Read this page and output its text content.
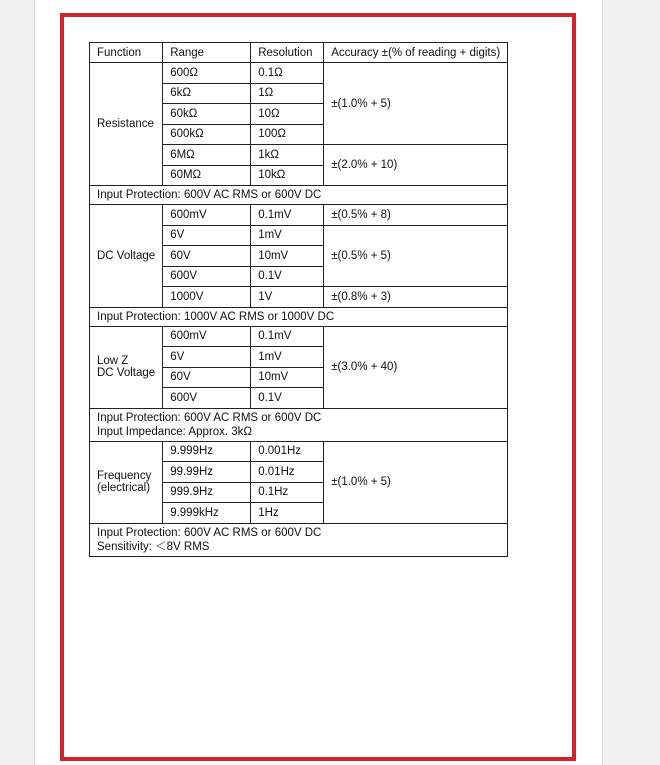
Function	Range	Resolution	Accuracy ±(% of reading + digits)
Resistance	600Ω	0.1Ω	±(1.0% + 5)
	6kΩ	1Ω	
	60kΩ	10Ω	
	600kΩ	100Ω	
	6MΩ	1kΩ	±(2.0% + 10)
	60MΩ	10kΩ	
Input Protection: 600V AC RMS or 600V DC			
DC Voltage	600mV	0.1mV	±(0.5% + 8)
	6V	1mV	±(0.5% + 5)
	60V	10mV	
	600V	0.1V	
	1000V	1V	±(0.8% + 3)
Input Protection: 1000V AC RMS or 1000V DC			

Low Z
DC Voltage	600mV	0.1mV	±(3.0% + 40)
	6V	1mV	
	60V	10mV	
	600V	0.1V	

Input Protection: 600V AC RMS or 600V DC
Input Impedance: Approx. 3kΩ			

Frequency
(electrical)	9.999Hz	0.001Hz	±(1.0% + 5)
	99.99Hz	0.01Hz	
	999.9Hz	0.1Hz	
	9.999kHz	1Hz	

Input Protection: 600V AC RMS or 600V DC
Sensitivity: ＜8V RMS			
